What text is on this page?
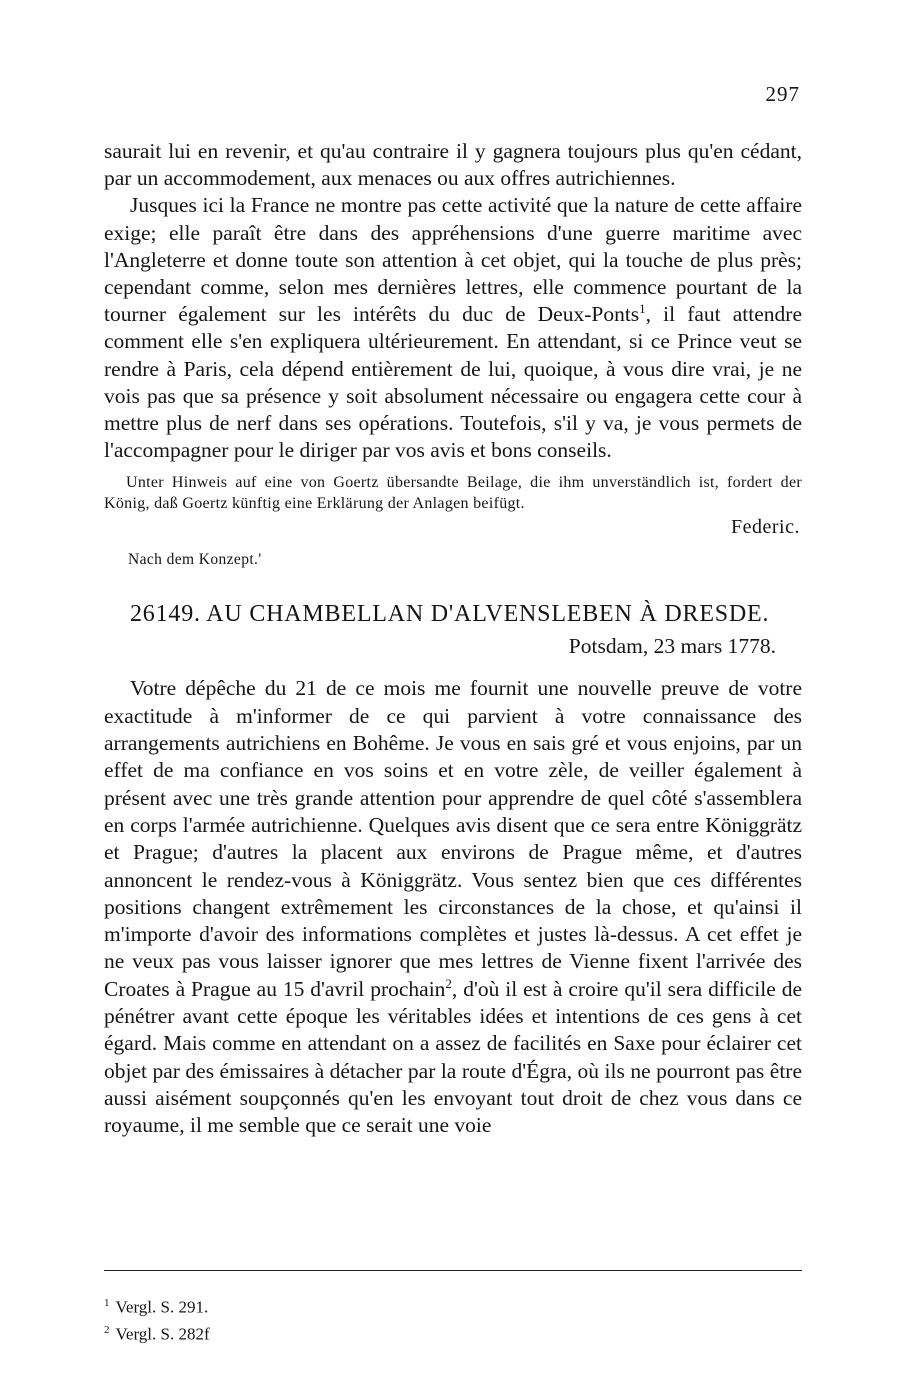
297

saurait lui en revenir, et qu'au contraire il y gagnera toujours plus qu'en cédant, par un accommodement, aux menaces ou aux offres autrichiennes.

Jusques ici la France ne montre pas cette activité que la nature de cette affaire exige; elle paraît être dans des appréhensions d'une guerre maritime avec l'Angleterre et donne toute son attention à cet objet, qui la touche de plus près; cependant comme, selon mes dernières lettres, elle commence pourtant de la tourner également sur les intérêts du duc de Deux-Ponts$^1$, il faut attendre comment elle s'en expliquera ultérieurement. En attendant, si ce Prince veut se rendre à Paris, cela dépend entièrement de lui, quoique, à vous dire vrai, je ne vois pas que sa présence y soit absolument nécessaire ou engagera cette cour à mettre plus de nerf dans ses opérations. Toutefois, s'il y va, je vous permets de l'accompagner pour le diriger par vos avis et bons conseils.

Unter Hinweis auf eine von Goertz übersandte Beilage, die ihm unverständlich ist, fordert der König, daß Goertz künftig eine Erklärung der Anlagen beifügt.

Federic.
Nach dem Konzept.'
26149. AU CHAMBELLAN D'ALVENSLEBEN À DRESDE.
Potsdam, 23 mars 1778.

Votre dépêche du 21 de ce mois me fournit une nouvelle preuve de votre exactitude à m'informer de ce qui parvient à votre connaissance des arrangements autrichiens en Bohême. Je vous en sais gré et vous enjoins, par un effet de ma confiance en vos soins et en votre zèle, de veiller également à présent avec une très grande attention pour apprendre de quel côté s'assemblera en corps l'armée autrichienne. Quelques avis disent que ce sera entre Königgrätz et Prague; d'autres la placent aux environs de Prague même, et d'autres annoncent le rendez-vous à Königgrätz. Vous sentez bien que ces différentes positions changent extrêmement les circonstances de la chose, et qu'ainsi il m'importe d'avoir des informations complètes et justes là-dessus. A cet effet je ne veux pas vous laisser ignorer que mes lettres de Vienne fixent l'arrivée des Croates à Prague au 15 d'avril prochain$^2$, d'où il est à croire qu'il sera difficile de pénétrer avant cette époque les véritables idées et intentions de ces gens à cet égard. Mais comme en attendant on a assez de facilités en Saxe pour éclairer cet objet par des émissaires à détacher par la route d'Égra, où ils ne pourront pas être aussi aisément soupçonnés qu'en les envoyant tout droit de chez vous dans ce royaume, il me semble que ce serait une voie

$^1$ Vergl. S. 291.
$^2$ Vergl. S. 282f
